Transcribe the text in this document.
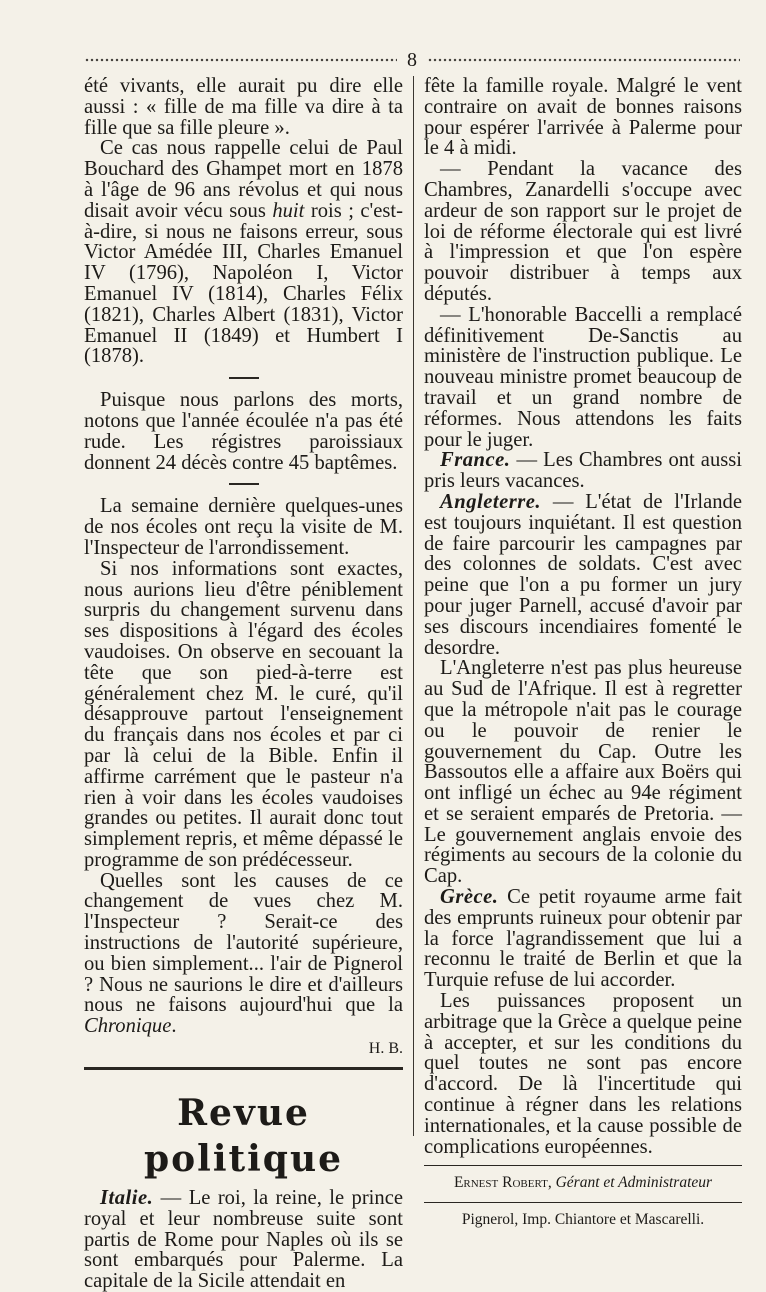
8

été vivants, elle aurait pu dire elle aussi : « fille de ma fille va dire à ta fille que sa fille pleure ».

Ce cas nous rappelle celui de Paul Bouchard des Ghampet mort en 1878 à l'âge de 96 ans révolus et qui nous disait avoir vécu sous huit rois ; c'est-à-dire, si nous ne faisons erreur, sous Victor Amédée III, Charles Emanuel IV (1796), Napoléon I, Victor Emanuel IV (1814), Charles Félix (1821), Charles Albert (1831), Victor Emanuel II (1849) et Humbert I (1878).

Puisque nous parlons des morts, notons que l'année écoulée n'a pas été rude. Les régistres paroissiaux donnent 24 décès contre 45 baptêmes.

La semaine dernière quelques-unes de nos écoles ont reçu la visite de M. l'Inspecteur de l'arrondissement.

Si nos informations sont exactes, nous aurions lieu d'être péniblement surpris du changement survenu dans ses dispositions à l'égard des écoles vaudoises. On observe en secouant la tête que son pied-à-terre est généralement chez M. le curé, qu'il désapprouve partout l'enseignement du français dans nos écoles et par ci par là celui de la Bible. Enfin il affirme carrément que le pasteur n'a rien à voir dans les écoles vaudoises grandes ou petites. Il aurait donc tout simplement repris, et même dépassé le programme de son prédécesseur.

Quelles sont les causes de ce changement de vues chez M. l'Inspecteur ? Serait-ce des instructions de l'autorité supérieure, ou bien simplement... l'air de Pignerol ? Nous ne saurions le dire et d'ailleurs nous ne faisons aujourd'hui que la Chronique.

H. B.
Revue politique

Italie. — Le roi, la reine, le prince royal et leur nombreuse suite sont partis de Rome pour Naples où ils se sont embarqués pour Palerme. La capitale de la Sicile attendait en

fête la famille royale. Malgré le vent contraire on avait de bonnes raisons pour espérer l'arrivée à Palerme pour le 4 à midi.

— Pendant la vacance des Chambres, Zanardelli s'occupe avec ardeur de son rapport sur le projet de loi de réforme électorale qui est livré à l'impression et que l'on espère pouvoir distribuer à temps aux députés.

— L'honorable Baccelli a remplacé définitivement De-Sanctis au ministère de l'instruction publique. Le nouveau ministre promet beaucoup de travail et un grand nombre de réformes. Nous attendons les faits pour le juger.

France. — Les Chambres ont aussi pris leurs vacances.

Angleterre. — L'état de l'Irlande est toujours inquiétant. Il est question de faire parcourir les campagnes par des colonnes de soldats. C'est avec peine que l'on a pu former un jury pour juger Parnell, accusé d'avoir par ses discours incendiaires fomenté le desordre.

L'Angleterre n'est pas plus heureuse au Sud de l'Afrique. Il est à regretter que la métropole n'ait pas le courage ou le pouvoir de renier le gouvernement du Cap. Outre les Bassoutos elle a affaire aux Boërs qui ont infligé un échec au 94e régiment et se seraient emparés de Pretoria. — Le gouvernement anglais envoie des régiments au secours de la colonie du Cap.

Grèce. Ce petit royaume arme fait des emprunts ruineux pour obtenir par la force l'agrandissement que lui a reconnu le traité de Berlin et que la Turquie refuse de lui accorder.

Les puissances proposent un arbitrage que la Grèce a quelque peine à accepter, et sur les conditions du quel toutes ne sont pas encore d'accord. De là l'incertitude qui continue à régner dans les relations internationales, et la cause possible de complications européennes.

Ernest Robert, Gérant et Administrateur
Pignerol, Imp. Chiantore et Mascarelli.
